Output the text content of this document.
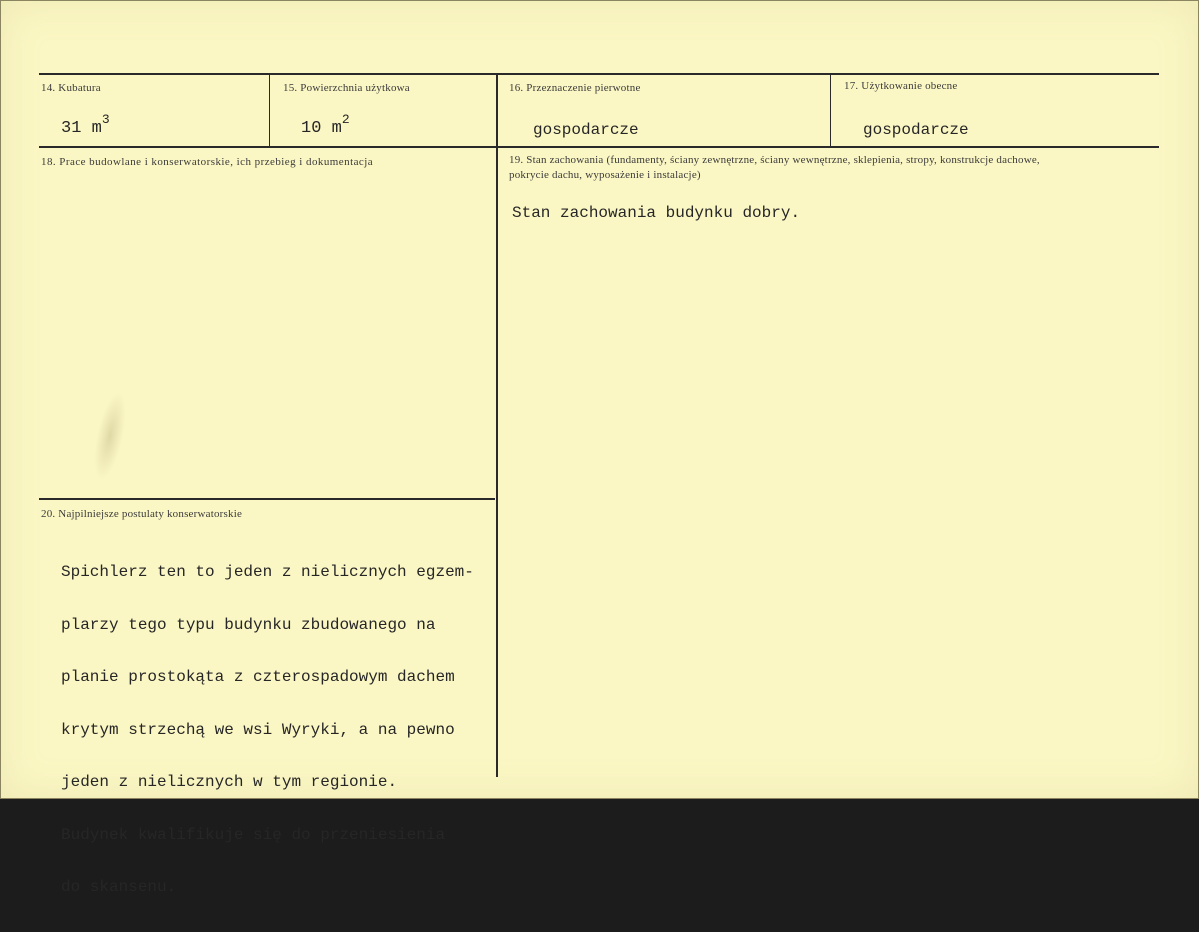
14. Kubatura
31 $m^3$
15. Powierzchnia użytkowa
10 $m^2$
16. Przeznaczenie pierwotne
gospodarcze
17. Użytkowanie obecne
gospodarcze
18. Prace budowlane i konserwatorskie, ich przebieg i dokumentacja	19. Stan zachowania (fundamenty, ściany zewnętrzne, ściany wewnętrzne, sklepienia, stropy, konstrukcje dachowe, pokrycie dachu, wyposażenie i instalacje)
Stan zachowania budynku dobry.
20. Najpilniejsze postulaty konserwatorskie

Spichlerz ten to jeden z nielicznych egzem-

plarzy tego typu budynku zbudowanego na

planie prostokąta z czterospadowym dachem

krytym strzechą we wsi Wyryki, a na pewno

jeden z nielicznych w tym regionie.

Budynek kwalifikuje się do przeniesienia

do skansenu.
